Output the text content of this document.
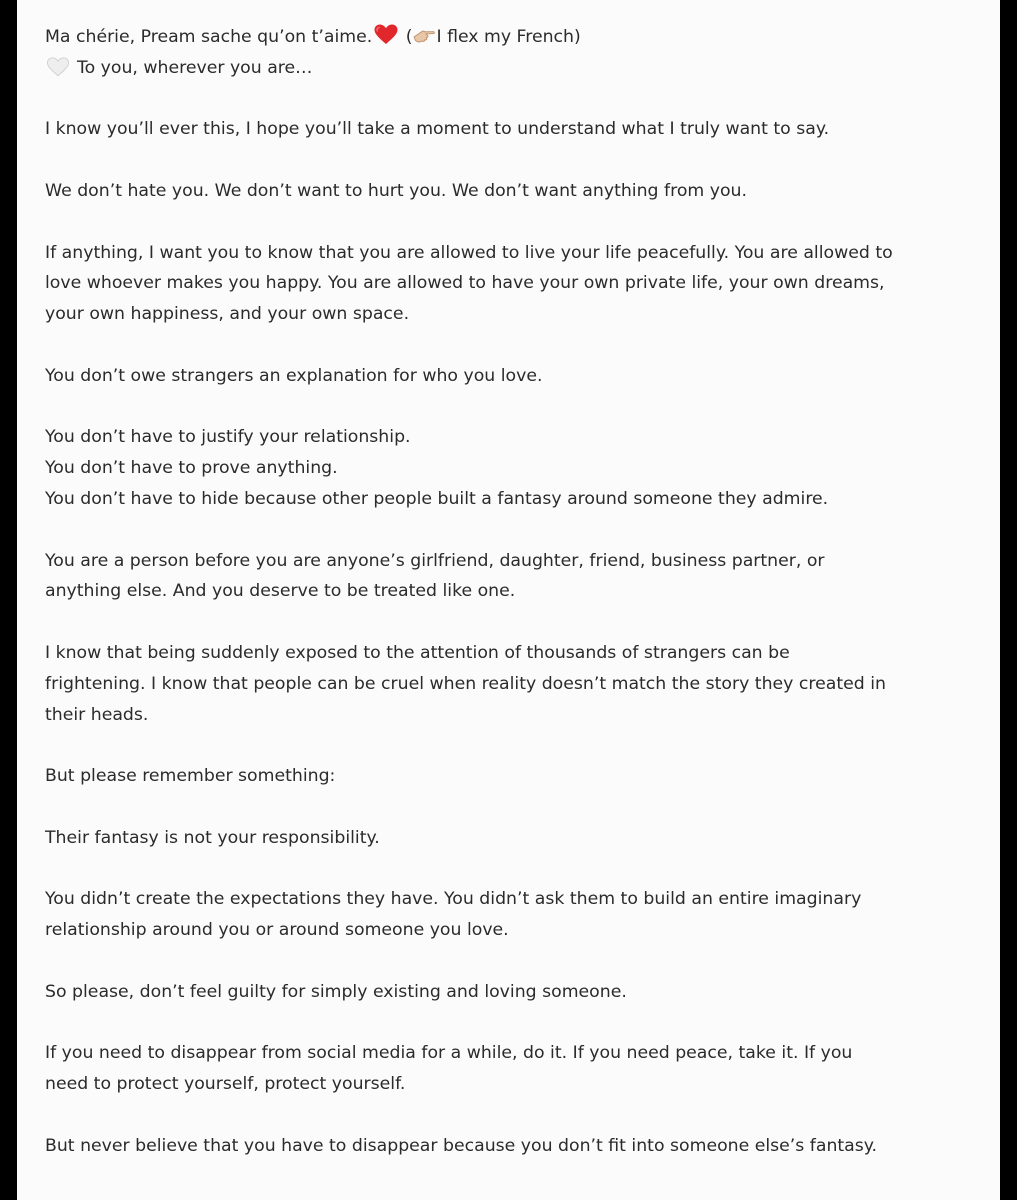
Ma chérie, Pream sache qu’on t’aime. ( I flex my French)
To you, wherever you are…
I know you’ll ever this, I hope you’ll take a moment to understand what I truly want to say.
We don’t hate you. We don’t want to hurt you. We don’t want anything from you.
If anything, I want you to know that you are allowed to live your life peacefully. You are allowed to
love whoever makes you happy. You are allowed to have your own private life, your own dreams,
your own happiness, and your own space.
You don’t owe strangers an explanation for who you love.
You don’t have to justify your relationship.
You don’t have to prove anything.
You don’t have to hide because other people built a fantasy around someone they admire.
You are a person before you are anyone’s girlfriend, daughter, friend, business partner, or
anything else. And you deserve to be treated like one.
I know that being suddenly exposed to the attention of thousands of strangers can be
frightening. I know that people can be cruel when reality doesn’t match the story they created in
their heads.
But please remember something:
Their fantasy is not your responsibility.
You didn’t create the expectations they have. You didn’t ask them to build an entire imaginary
relationship around you or around someone you love.
So please, don’t feel guilty for simply existing and loving someone.
If you need to disappear from social media for a while, do it. If you need peace, take it. If you
need to protect yourself, protect yourself.
But never believe that you have to disappear because you don’t fit into someone else’s fantasy.
